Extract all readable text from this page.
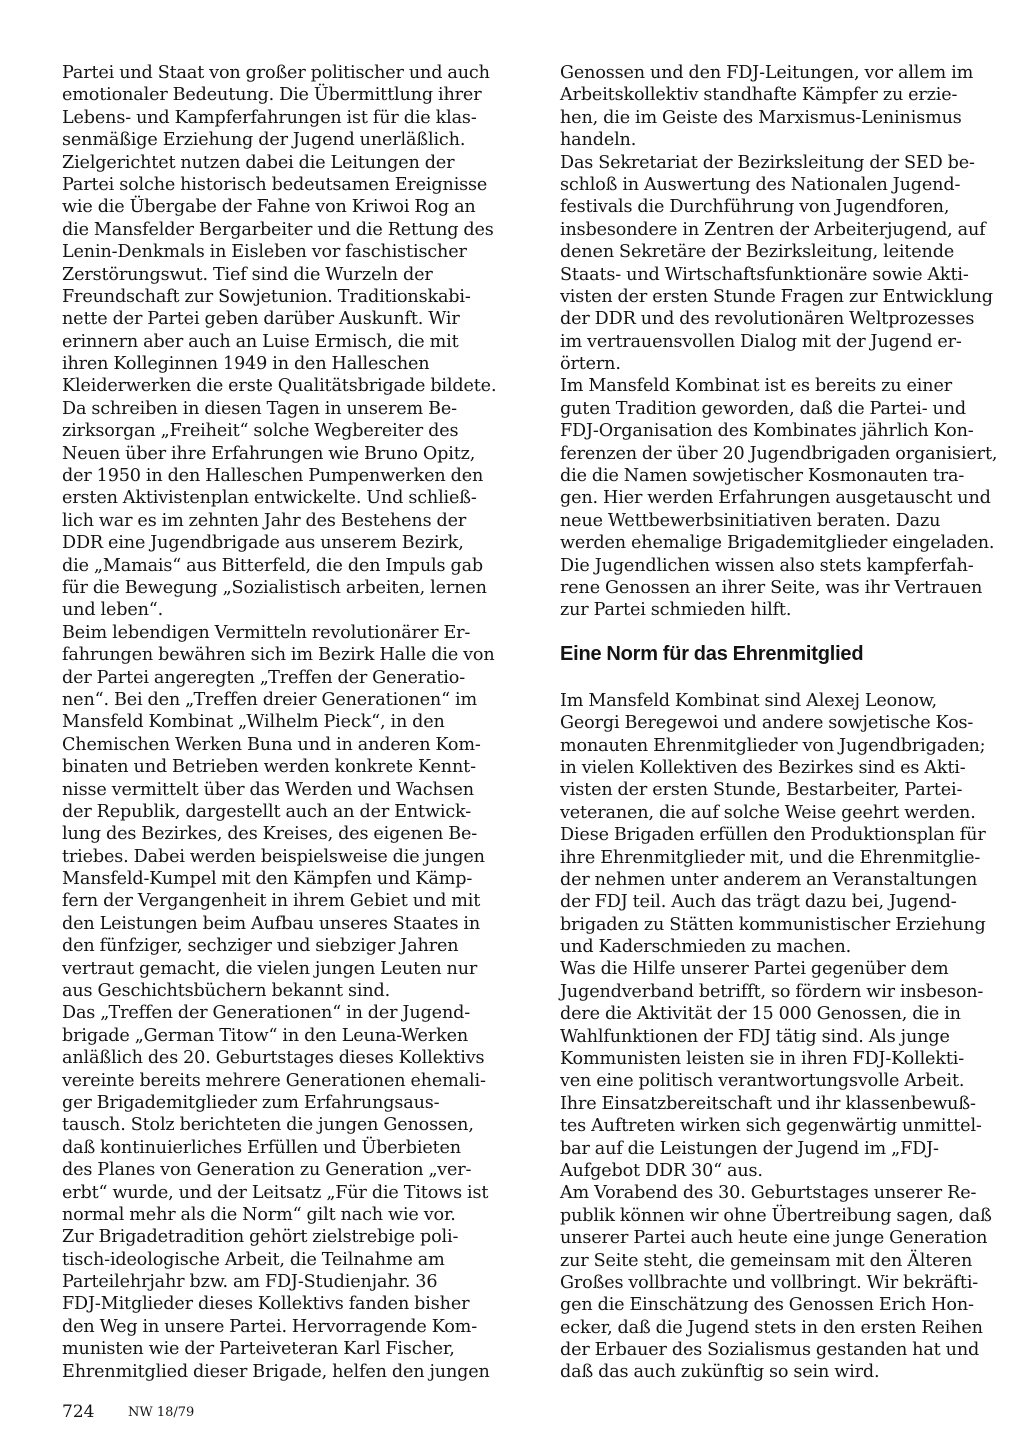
Partei und Staat von großer politischer und auch
emotionaler Bedeutung. Die Übermittlung ihrer
Lebens- und Kampferfahrungen ist für die klas-
senmäßige Erziehung der Jugend unerläßlich.
Zielgerichtet nutzen dabei die Leitungen der
Partei solche historisch bedeutsamen Ereignisse
wie die Übergabe der Fahne von Kriwoi Rog an
die Mansfelder Bergarbeiter und die Rettung des
Lenin-Denkmals in Eisleben vor faschistischer
Zerstörungswut. Tief sind die Wurzeln der
Freundschaft zur Sowjetunion. Traditionskabi-
nette der Partei geben darüber Auskunft. Wir
erinnern aber auch an Luise Ermisch, die mit
ihren Kolleginnen 1949 in den Halleschen
Kleiderwerken die erste Qualitätsbrigade bildete.
Da schreiben in diesen Tagen in unserem Be-
zirksorgan „Freiheit“ solche Wegbereiter des
Neuen über ihre Erfahrungen wie Bruno Opitz,
der 1950 in den Halleschen Pumpenwerken den
ersten Aktivistenplan entwickelte. Und schließ-
lich war es im zehnten Jahr des Bestehens der
DDR eine Jugendbrigade aus unserem Bezirk,
die „Mamais“ aus Bitterfeld, die den Impuls gab
für die Bewegung „Sozialistisch arbeiten, lernen
und leben“.
Beim lebendigen Vermitteln revolutionärer Er-
fahrungen bewähren sich im Bezirk Halle die von
der Partei angeregten „Treffen der Generatio-
nen“. Bei den „Treffen dreier Generationen“ im
Mansfeld Kombinat „Wilhelm Pieck“, in den
Chemischen Werken Buna und in anderen Kom-
binaten und Betrieben werden konkrete Kennt-
nisse vermittelt über das Werden und Wachsen
der Republik, dargestellt auch an der Entwick-
lung des Bezirkes, des Kreises, des eigenen Be-
triebes. Dabei werden beispielsweise die jungen
Mansfeld-Kumpel mit den Kämpfen und Kämp-
fern der Vergangenheit in ihrem Gebiet und mit
den Leistungen beim Aufbau unseres Staates in
den fünfziger, sechziger und siebziger Jahren
vertraut gemacht, die vielen jungen Leuten nur
aus Geschichtsbüchern bekannt sind.
Das „Treffen der Generationen“ in der Jugend-
brigade „German Titow“ in den Leuna-Werken
anläßlich des 20. Geburtstages dieses Kollektivs
vereinte bereits mehrere Generationen ehemali-
ger Brigademitglieder zum Erfahrungsaus-
tausch. Stolz berichteten die jungen Genossen,
daß kontinuierliches Erfüllen und Überbieten
des Planes von Generation zu Generation „ver-
erbt“ wurde, und der Leitsatz „Für die Titows ist
normal mehr als die Norm“ gilt nach wie vor.
Zur Brigadetradition gehört zielstrebige poli-
tisch-ideologische Arbeit, die Teilnahme am
Parteilehrjahr bzw. am FDJ-Studienjahr. 36
FDJ-Mitglieder dieses Kollektivs fanden bisher
den Weg in unsere Partei. Hervorragende Kom-
munisten wie der Parteiveteran Karl Fischer,
Ehrenmitglied dieser Brigade, helfen den jungen
Genossen und den FDJ-Leitungen, vor allem im
Arbeitskollektiv standhafte Kämpfer zu erzie-
hen, die im Geiste des Marxismus-Leninismus
handeln.
Das Sekretariat der Bezirksleitung der SED be-
schloß in Auswertung des Nationalen Jugend-
festivals die Durchführung von Jugendforen,
insbesondere in Zentren der Arbeiterjugend, auf
denen Sekretäre der Bezirksleitung, leitende
Staats- und Wirtschaftsfunktionäre sowie Akti-
visten der ersten Stunde Fragen zur Entwicklung
der DDR und des revolutionären Weltprozesses
im vertrauensvollen Dialog mit der Jugend er-
örtern.
Im Mansfeld Kombinat ist es bereits zu einer
guten Tradition geworden, daß die Partei- und
FDJ-Organisation des Kombinates jährlich Kon-
ferenzen der über 20 Jugendbrigaden organisiert,
die die Namen sowjetischer Kosmonauten tra-
gen. Hier werden Erfahrungen ausgetauscht und
neue Wettbewerbsinitiativen beraten. Dazu
werden ehemalige Brigademitglieder eingeladen.
Die Jugendlichen wissen also stets kampferfah-
rene Genossen an ihrer Seite, was ihr Vertrauen
zur Partei schmieden hilft.
Eine Norm für das Ehrenmitglied
Im Mansfeld Kombinat sind Alexej Leonow,
Georgi Beregewoi und andere sowjetische Kos-
monauten Ehrenmitglieder von Jugendbrigaden;
in vielen Kollektiven des Bezirkes sind es Akti-
visten der ersten Stunde, Bestarbeiter, Partei-
veteranen, die auf solche Weise geehrt werden.
Diese Brigaden erfüllen den Produktionsplan für
ihre Ehrenmitglieder mit, und die Ehrenmitglie-
der nehmen unter anderem an Veranstaltungen
der FDJ teil. Auch das trägt dazu bei, Jugend-
brigaden zu Stätten kommunistischer Erziehung
und Kaderschmieden zu machen.
Was die Hilfe unserer Partei gegenüber dem
Jugendverband betrifft, so fördern wir insbeson-
dere die Aktivität der 15 000 Genossen, die in
Wahlfunktionen der FDJ tätig sind. Als junge
Kommunisten leisten sie in ihren FDJ-Kollekti-
ven eine politisch verantwortungsvolle Arbeit.
Ihre Einsatzbereitschaft und ihr klassenbewuß-
tes Auftreten wirken sich gegenwärtig unmittel-
bar auf die Leistungen der Jugend im „FDJ-
Aufgebot DDR 30“ aus.
Am Vorabend des 30. Geburtstages unserer Re-
publik können wir ohne Übertreibung sagen, daß
unserer Partei auch heute eine junge Generation
zur Seite steht, die gemeinsam mit den Älteren
Großes vollbrachte und vollbringt. Wir bekräfti-
gen die Einschätzung des Genossen Erich Hon-
ecker, daß die Jugend stets in den ersten Reihen
der Erbauer des Sozialismus gestanden hat und
daß das auch zukünftig so sein wird.
724	NW 18/79
